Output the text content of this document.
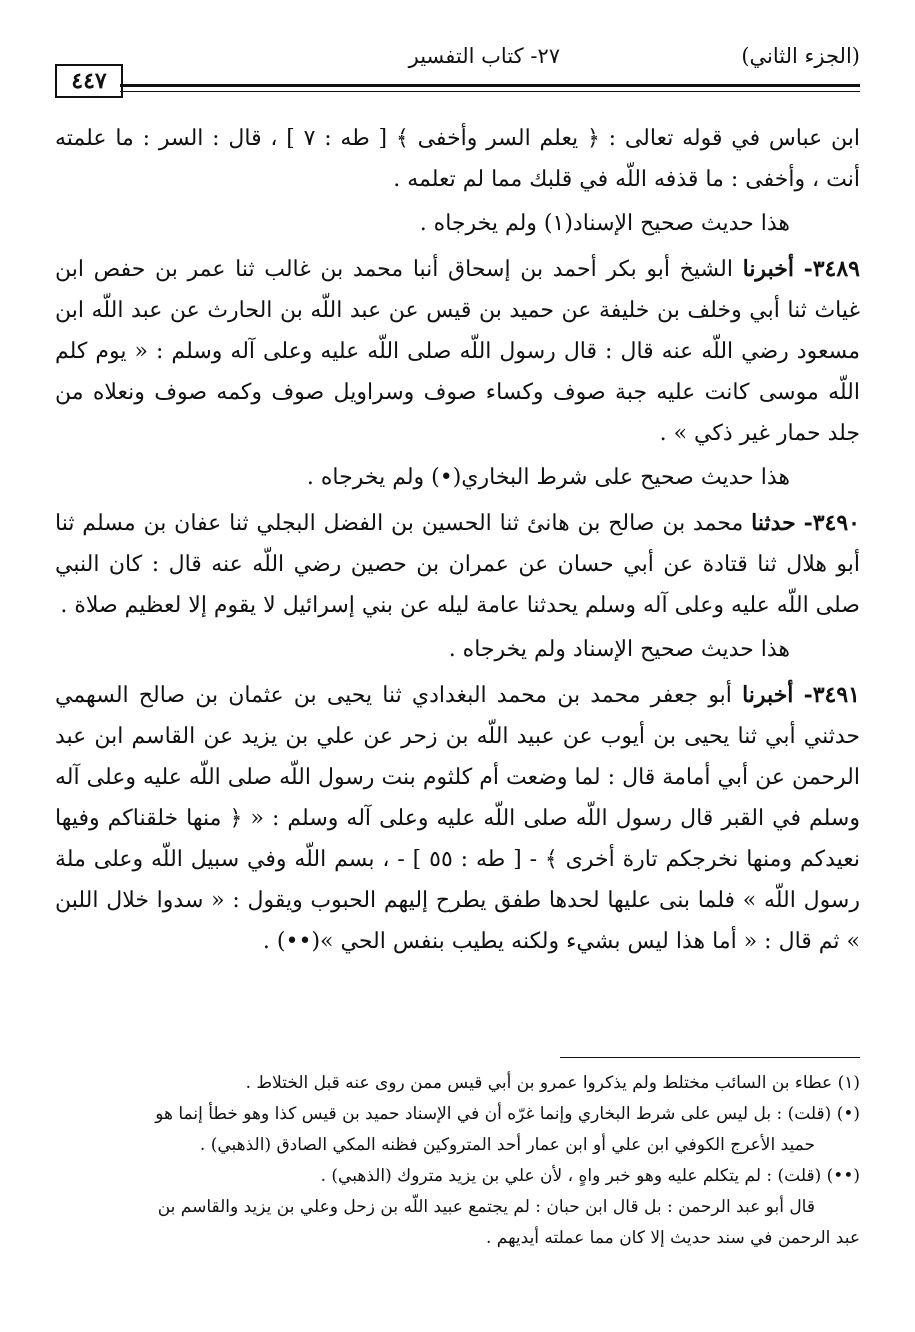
(الجزء الثاني)
٢٧- كتاب التفسير
٤٤٧

ابن عباس في قوله تعالى : ﴿ يعلم السر وأخفى ﴾ [ طه : ٧ ] ، قال : السر : ما علمته أنت ، وأخفى : ما قذفه اللّه في قلبك مما لم تعلمه .

هذا حديث صحيح الإسناد(١) ولم يخرجاه .

٣٤٨٩- أخبرنا الشيخ أبو بكر أحمد بن إسحاق أنبا محمد بن غالب ثنا عمر بن حفص ابن غياث ثنا أبي وخلف بن خليفة عن حميد بن قيس عن عبد اللّه بن الحارث عن عبد اللّه ابن مسعود رضي اللّه عنه قال : قال رسول اللّه صلى اللّه عليه وعلى آله وسلم : « يوم كلم اللّه موسى كانت عليه جبة صوف وكساء صوف وسراويل صوف وكمه صوف ونعلاه من جلد حمار غير ذكي » .

هذا حديث صحيح على شرط البخاري(•) ولم يخرجاه .

٣٤٩٠- حدثنا محمد بن صالح بن هانئ ثنا الحسين بن الفضل البجلي ثنا عفان بن مسلم ثنا أبو هلال ثنا قتادة عن أبي حسان عن عمران بن حصين رضي اللّه عنه قال : كان النبي صلى اللّه عليه وعلى آله وسلم يحدثنا عامة ليله عن بني إسرائيل لا يقوم إلا لعظيم صلاة .

هذا حديث صحيح الإسناد ولم يخرجاه .

٣٤٩١- أخبرنا أبو جعفر محمد بن محمد البغدادي ثنا يحيى بن عثمان بن صالح السهمي حدثني أبي ثنا يحيى بن أيوب عن عبيد اللّه بن زحر عن علي بن يزيد عن القاسم ابن عبد الرحمن عن أبي أمامة قال : لما وضعت أم كلثوم بنت رسول اللّه صلى اللّه عليه وعلى آله وسلم في القبر قال رسول اللّه صلى اللّه عليه وعلى آله وسلم : « ﴿ منها خلقناكم وفيها نعيدكم ومنها نخرجكم تارة أخرى ﴾ - [ طه : ٥٥ ] - ، بسم اللّه وفي سبيل اللّه وعلى ملة رسول اللّه » فلما بنى عليها لحدها طفق يطرح إليهم الحبوب ويقول : « سدوا خلال اللبن » ثم قال : « أما هذا ليس بشيء ولكنه يطيب بنفس الحي »(••) .

(١) عطاء بن السائب مختلط ولم يذكروا عمرو بن أبي قيس ممن روى عنه قبل الختلاط .

(•) (قلت) : بل ليس على شرط البخاري وإنما غرّه أن في الإسناد حميد بن قيس كذا وهو خطأ إنما هو

حميد الأعرج الكوفي ابن علي أو ابن عمار أحد المتروكين فظنه المكي الصادق (الذهبي) .

(••) (قلت) : لم يتكلم عليه وهو خبر واهٍ ، لأن علي بن يزيد متروك (الذهبي) .

قال أبو عبد الرحمن : بل قال ابن حبان : لم يجتمع عبيد اللّه بن زحل وعلي بن يزيد والقاسم بن

عبد الرحمن في سند حديث إلا كان مما عملته أيديهم .
